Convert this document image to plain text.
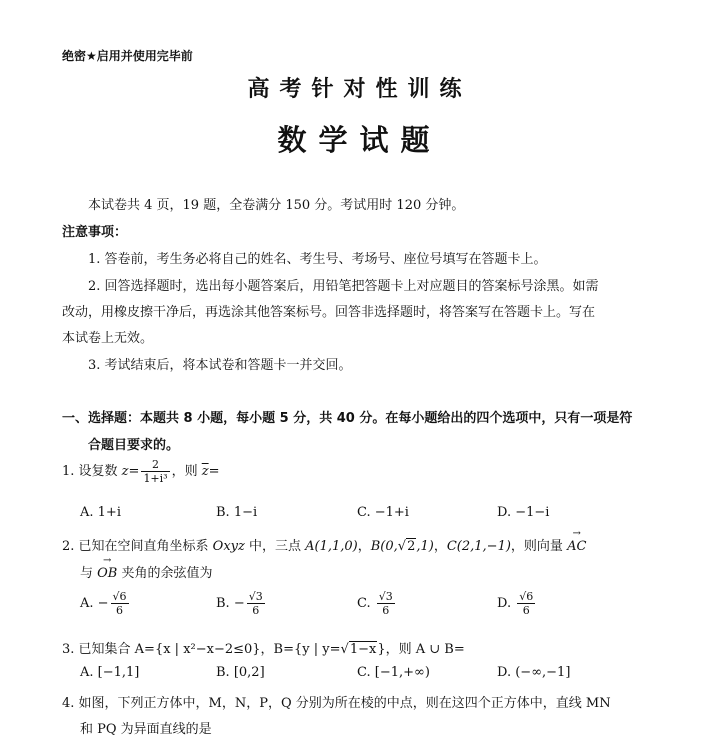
绝密★启用并使用完毕前
高考针对性训练
数学试题
本试卷共 4 页，19 题，全卷满分 150 分。考试用时 120 分钟。
注意事项：
1. 答卷前，考生务必将自己的姓名、考生号、考场号、座位号填写在答题卡上。
2. 回答选择题时，选出每小题答案后，用铅笔把答题卡上对应题目的答案标号涂黑。如需
改动，用橡皮擦干净后，再选涂其他答案标号。回答非选择题时，将答案写在答题卡上。写在
本试卷上无效。
3. 考试结束后，将本试卷和答题卡一并交回。
一、选择题：本题共 8 小题，每小题 5 分，共 40 分。在每小题给出的四个选项中，只有一项是符
合题目要求的。
1. 设复数 $z= \frac{2}{\text{1+i³}}$ ，则 $\overline{z}=$
A. 1+i	B. 1−i	C. −1+i	D. −1−i
2. 已知在空间直角坐标系 Oxyz 中，三点 A(1,1,0)，B(0,√2,1)，C(2,1,−1)，则向量 → AC
与 → OB 夹角的余弦值为
A. − $\frac{√6}{6}$	B. − $\frac{√3}{6}$	C. $\frac{√3}{6}$	D. $\frac{√6}{6}$
3. 已知集合 A={x | x²−x−2≤0}，B={y | y=√1−x}，则 A ∪ B=
A. [−1,1]	B. [0,2]	C. [−1,+∞)	D. (−∞,−1]
4. 如图，下列正方体中，M，N，P，Q 分别为所在棱的中点，则在这四个正方体中，直线 MN
和 PQ 为异面直线的是
